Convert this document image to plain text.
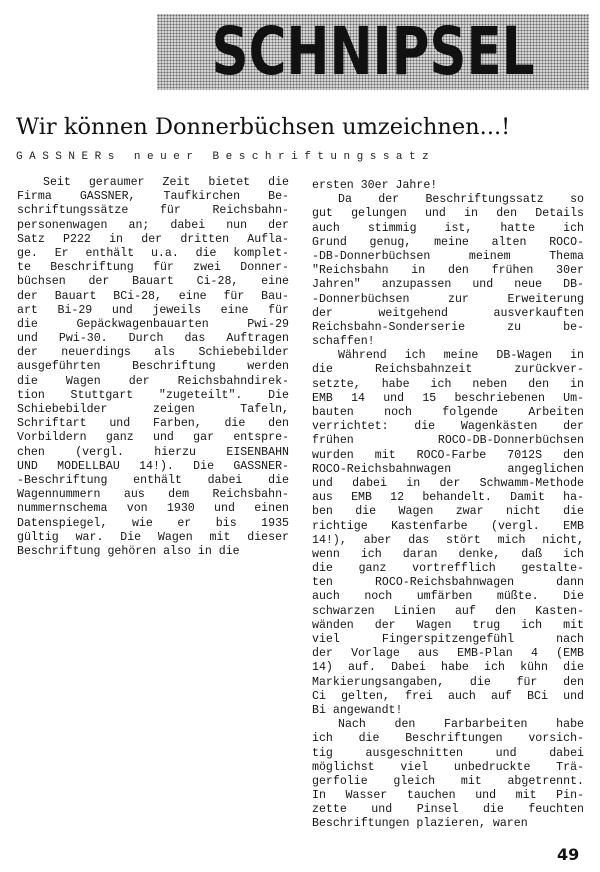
SCHNIPSEL
Wir können Donnerbüchsen umzeichnen...!
GASSNERs neuer Beschriftungssatz
Seit geraumer Zeit bietet die
Firma GASSNER, Taufkirchen Be-
schriftungssätze für Reichsbahn-
personenwagen an; dabei nun der
Satz P222 in der dritten Aufla-
ge. Er enthält u.a. die komplet-
te Beschriftung für zwei Donner-
büchsen der Bauart Ci-28, eine
der Bauart BCi-28, eine für Bau-
art Bi-29 und jeweils eine für
die Gepäckwagenbauarten Pwi-29
und Pwi-30. Durch das Auftragen
der neuerdings als Schiebebilder
ausgeführten Beschriftung werden
die Wagen der Reichsbahndirek-
tion Stuttgart "zugeteilt". Die
Schiebebilder zeigen Tafeln,
Schriftart und Farben, die den
Vorbildern ganz und gar entspre-
chen (vergl. hierzu EISENBAHN
UND MODELLBAU 14!). Die GASSNER-
-Beschriftung enthält dabei die
Wagennummern aus dem Reichsbahn-
nummernschema von 1930 und einen
Datenspiegel, wie er bis 1935
gültig war. Die Wagen mit dieser
Beschriftung gehören also in die
ersten 30er Jahre!
Da der Beschriftungssatz so
gut gelungen und in den Details
auch stimmig ist, hatte ich
Grund genug, meine alten ROCO-
-DB-Donnerbüchsen meinem Thema
"Reichsbahn in den frühen 30er
Jahren" anzupassen und neue DB-
-Donnerbüchsen zur Erweiterung
der weitgehend ausverkauften
Reichsbahn-Sonderserie zu be-
schaffen!
Während ich meine DB-Wagen in
die Reichsbahnzeit zurückver-
setzte, habe ich neben den in
EMB 14 und 15 beschriebenen Um-
bauten noch folgende Arbeiten
verrichtet: die Wagenkästen der
frühen ROCO-DB-Donnerbüchsen
wurden mit ROCO-Farbe 7012S den
ROCO-Reichsbahnwagen angeglichen
und dabei in der Schwamm-Methode
aus EMB 12 behandelt. Damit ha-
ben die Wagen zwar nicht die
richtige Kastenfarbe (vergl. EMB
14!), aber das stört mich nicht,
wenn ich daran denke, daß ich
die ganz vortrefflich gestalte-
ten ROCO-Reichsbahnwagen dann
auch noch umfärben müßte. Die
schwarzen Linien auf den Kasten-
wänden der Wagen trug ich mit
viel Fingerspitzengefühl nach
der Vorlage aus EMB-Plan 4 (EMB
14) auf. Dabei habe ich kühn die
Markierungsangaben, die für den
Ci gelten, frei auch auf BCi und
Bi angewandt!
Nach den Farbarbeiten habe
ich die Beschriftungen vorsich-
tig ausgeschnitten und dabei
möglichst viel unbedruckte Trä-
gerfolie gleich mit abgetrennt.
In Wasser tauchen und mit Pin-
zette und Pinsel die feuchten
Beschriftungen plazieren, waren
49
